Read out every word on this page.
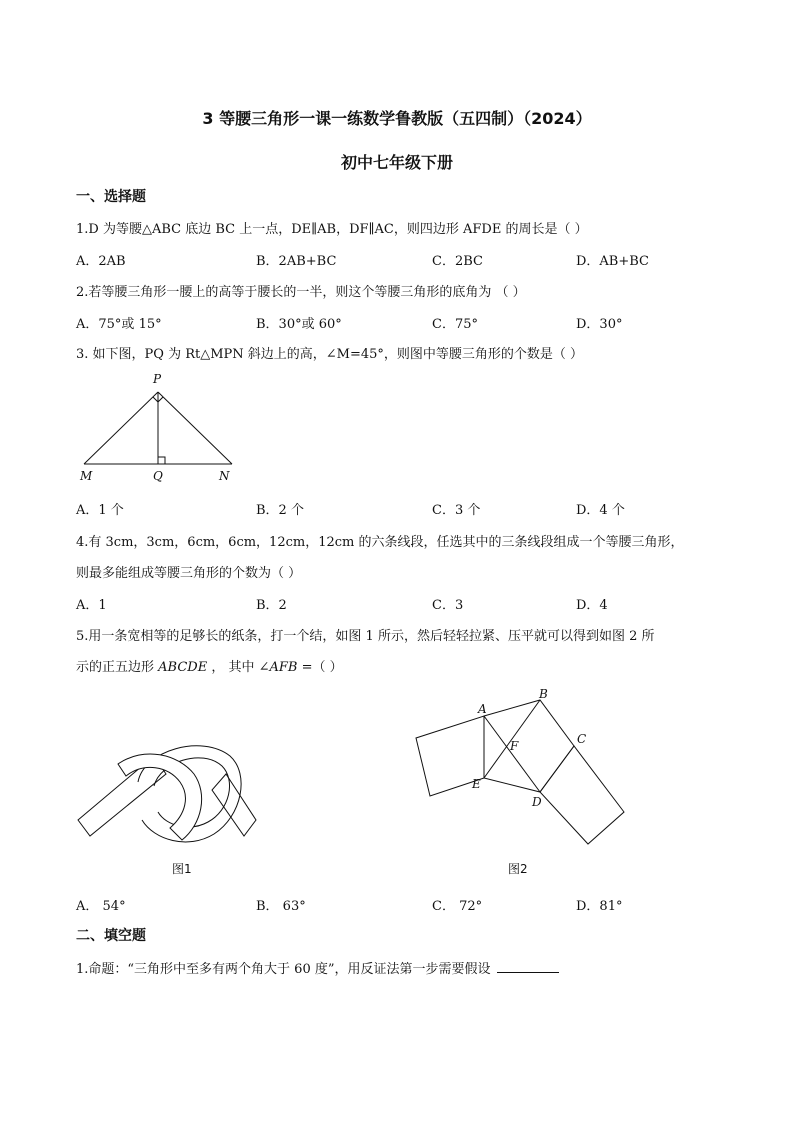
3 等腰三角形一课一练数学鲁教版（五四制）（2024）
初中七年级下册
一、选择题
1.D 为等腰△ABC 底边 BC 上一点，DE∥AB，DF∥AC，则四边形 AFDE 的周长是（ ）
A．2AB	B．2AB+BC	C．2BC	D．AB+BC
2.若等腰三角形一腰上的高等于腰长的一半，则这个等腰三角形的底角为 （ ）
A．75°或 15°	B．30°或 60°	C．75°	D．30°
3. 如下图，PQ 为 Rt△MPN 斜边上的高，∠M=45°，则图中等腰三角形的个数是（ ）
P
M	Q	N
A．1 个	B．2 个	C．3 个	D．4 个
4.有 3cm，3cm，6cm，6cm，12cm，12cm 的六条线段，任选其中的三条线段组成一个等腰三角形，
则最多能组成等腰三角形的个数为（ ）
A．1	B．2	C．3	D．4
5.用一条宽相等的足够长的纸条，打一个结，如图 1 所示，然后轻轻拉紧、压平就可以得到如图 2 所
示的正五边形 ABCDE ， 其中 ∠AFB =（ ）
图1
A
B
C
D
E
F
图2
A． 54°	B． 63°	C． 72°	D．81°
二、填空题
1.命题：“三角形中至多有两个角大于 60 度”，用反证法第一步需要假设
